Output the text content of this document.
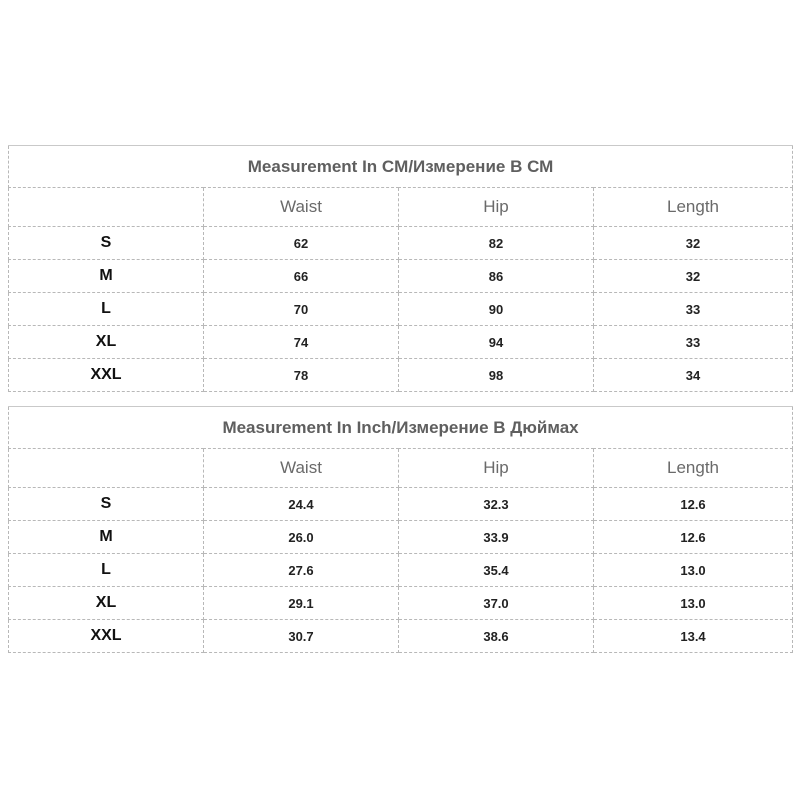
Measurement In CM/Измерение В СМ			
	Waist	Hip	Length
S	62	82	32
M	66	86	32
L	70	90	33
XL	74	94	33
XXL	78	98	34
Measurement In Inch/Измерение В Дюймах			
	Waist	Hip	Length
S	24.4	32.3	12.6
M	26.0	33.9	12.6
L	27.6	35.4	13.0
XL	29.1	37.0	13.0
XXL	30.7	38.6	13.4
